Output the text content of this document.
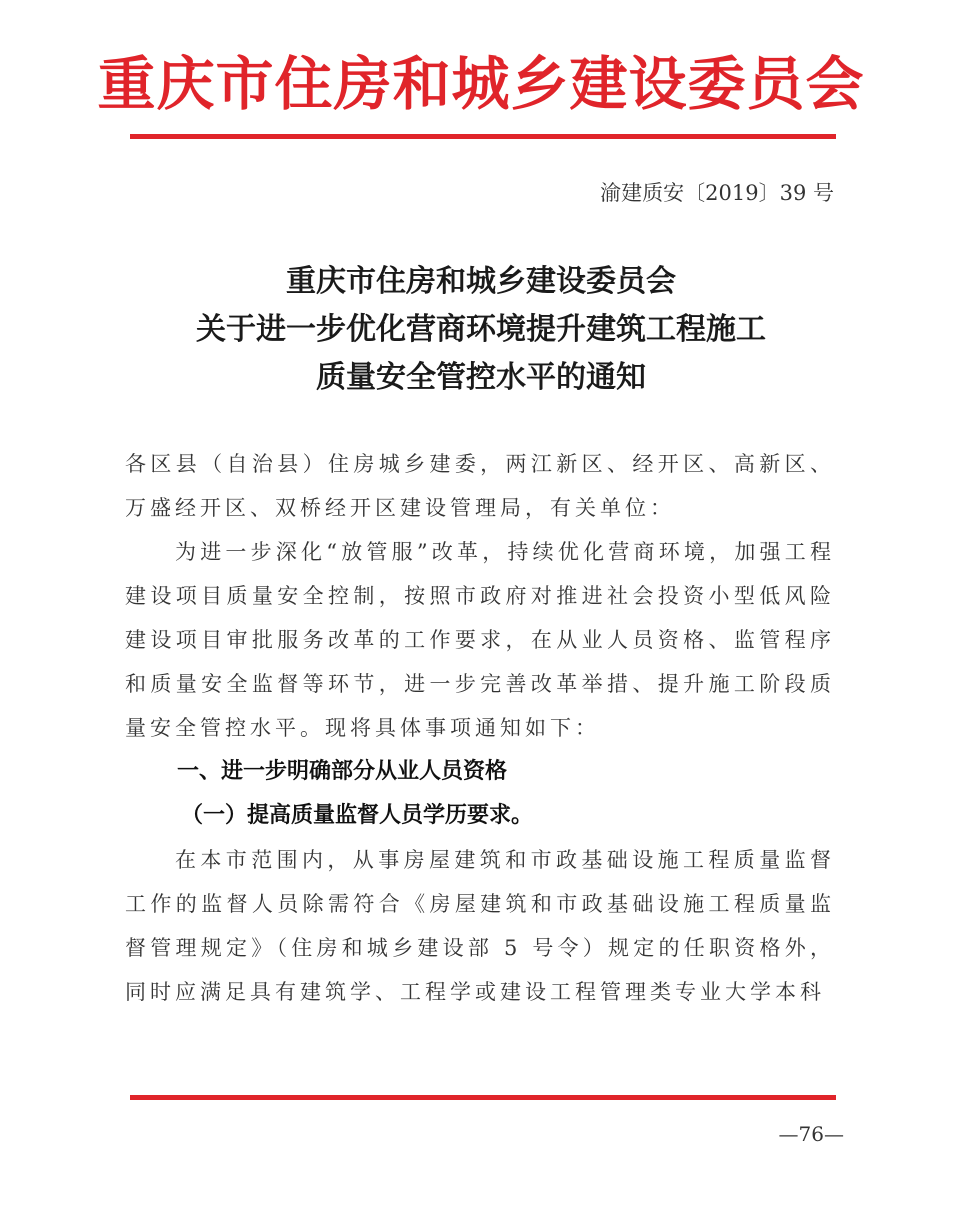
重庆市住房和城乡建设委员会
渝建质安〔2019〕39 号
重庆市住房和城乡建设委员会
关于进一步优化营商环境提升建筑工程施工
质量安全管控水平的通知

各区县（自治县）住房城乡建委，两江新区、经开区、高新区、万盛经开区、双桥经开区建设管理局，有关单位：

为进一步深化“放管服”改革，持续优化营商环境，加强工程建设项目质量安全控制，按照市政府对推进社会投资小型低风险建设项目审批服务改革的工作要求，在从业人员资格、监管程序和质量安全监督等环节，进一步完善改革举措、提升施工阶段质量安全管控水平。现将具体事项通知如下：

一、进一步明确部分从业人员资格

（一）提高质量监督人员学历要求。

在本市范围内，从事房屋建筑和市政基础设施工程质量监督工作的监督人员除需符合《房屋建筑和市政基础设施工程质量监督管理规定》（住房和城乡建设部 5 号令）规定的任职资格外，同时应满足具有建筑学、工程学或建设工程管理类专业大学本科

—76—
